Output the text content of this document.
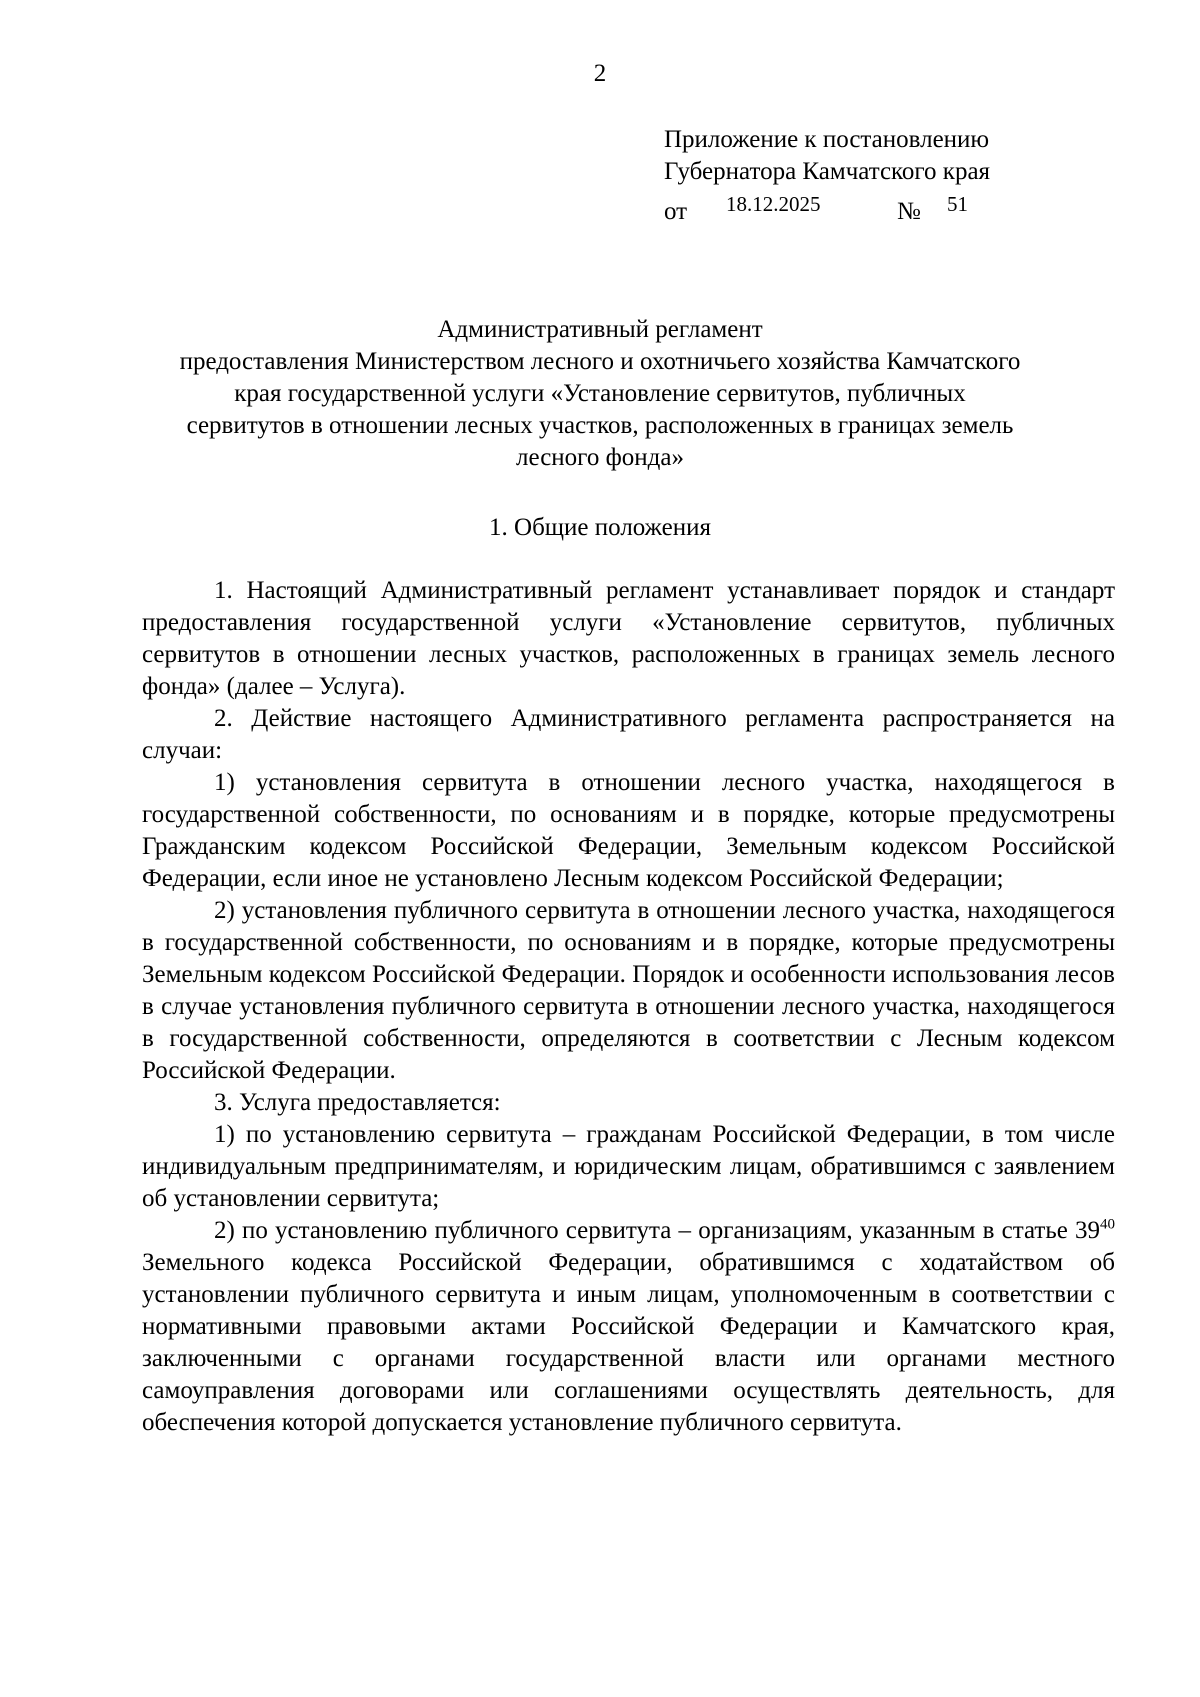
2
Приложение к постановлению
Губернатора Камчатского края
от 18.12.2025	№ 51
Административный регламент
предоставления Министерством лесного и охотничьего хозяйства Камчатского
края государственной услуги «Установление сервитутов, публичных
сервитутов в отношении лесных участков, расположенных в границах земель
лесного фонда»
1. Общие положения

1. Настоящий Административный регламент устанавливает порядок и стандарт предоставления государственной услуги «Установление сервитутов, публичных сервитутов в отношении лесных участков, расположенных в границах земель лесного фонда» (далее – Услуга).

2. Действие настоящего Административного регламента распространяется на случаи:

1) установления сервитута в отношении лесного участка, находящегося в государственной собственности, по основаниям и в порядке, которые предусмотрены Гражданским кодексом Российской Федерации, Земельным кодексом Российской Федерации, если иное не установлено Лесным кодексом Российской Федерации;

2) установления публичного сервитута в отношении лесного участка, находящегося в государственной собственности, по основаниям и в порядке, которые предусмотрены Земельным кодексом Российской Федерации. Порядок и особенности использования лесов в случае установления публичного сервитута в отношении лесного участка, находящегося в государственной собственности, определяются в соответствии с Лесным кодексом Российской Федерации.

3. Услуга предоставляется:

1) по установлению сервитута – гражданам Российской Федерации, в том числе индивидуальным предпринимателям, и юридическим лицам, обратившимся с заявлением об установлении сервитута;

2) по установлению публичного сервитута – организациям, указанным в статье $39^{40}$ Земельного кодекса Российской Федерации, обратившимся с ходатайством об установлении публичного сервитута и иным лицам, уполномоченным в соответствии с нормативными правовыми актами Российской Федерации и Камчатского края, заключенными с органами государственной власти или органами местного самоуправления договорами или соглашениями осуществлять деятельность, для обеспечения которой допускается установление публичного сервитута.
